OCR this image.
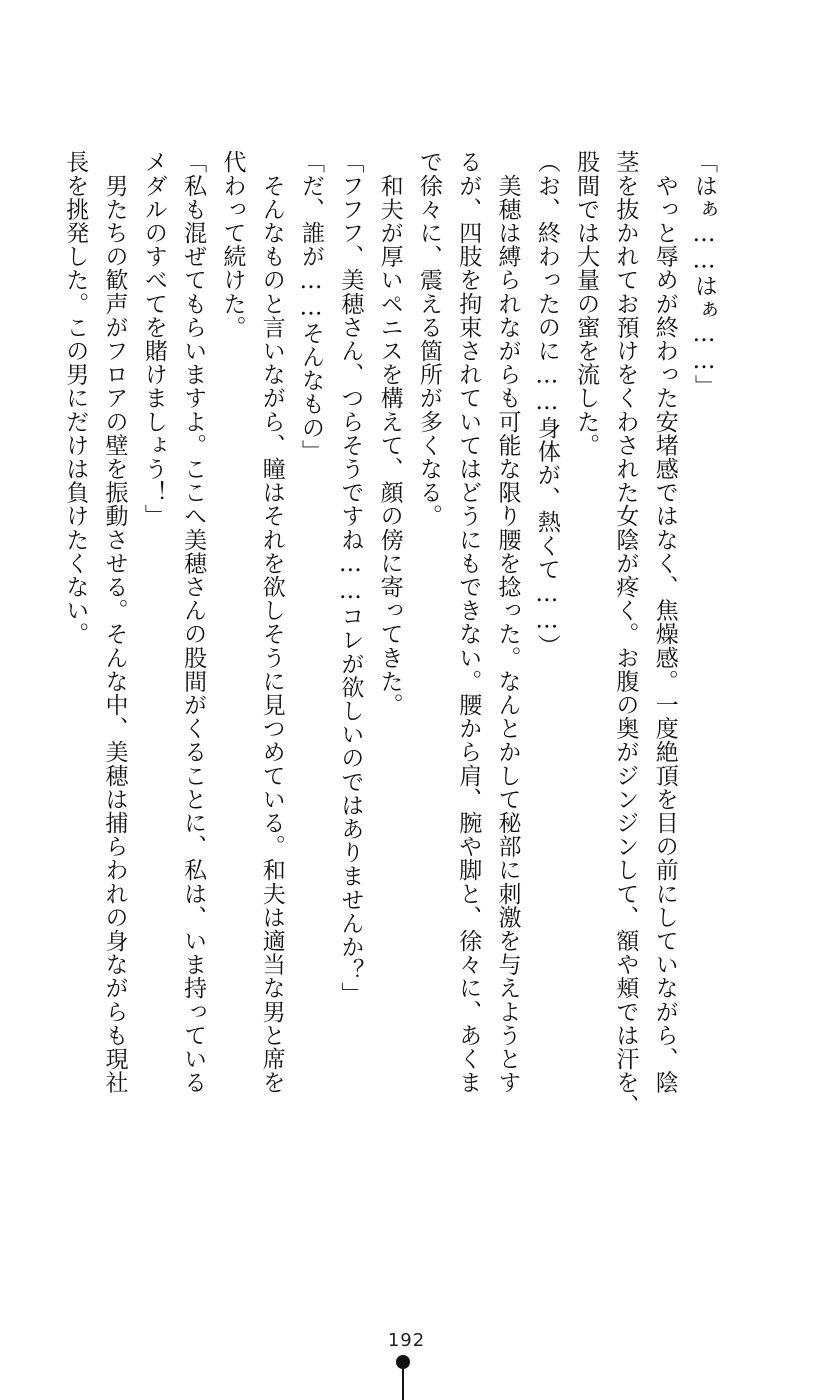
「はぁ……はぁ……」
　やっと辱めが終わった安堵感ではなく、焦燥感。一度絶頂を目の前にしていながら、陰
茎を抜かれてお預けをくわされた女陰が疼く。お腹の奥がジンジンして、額や頬では汗を、
股間では大量の蜜を流した。
（お、終わったのに……身体が、熱くて……）
　美穂は縛られながらも可能な限り腰を捻った。なんとかして秘部に刺激を与えようとす
るが、四肢を拘束されていてはどうにもできない。腰から肩、腕や脚と、徐々に、あくま
で徐々に、震える箇所が多くなる。
　和夫が厚いペニスを構えて、顔の傍に寄ってきた。
「フフフ、美穂さん、つらそうですね……コレが欲しいのではありませんか？」
「だ、誰が……そんなもの」
　そんなものと言いながら、瞳はそれを欲しそうに見つめている。和夫は適当な男と席を
代わって続けた。
「私も混ぜてもらいますよ。ここへ美穂さんの股間がくることに、私は、いま持っている
メダルのすべてを賭けましょう！」
　男たちの歓声がフロアの壁を振動させる。そんな中、美穂は捕らわれの身ながらも現社
長を挑発した。この男にだけは負けたくない。
192
